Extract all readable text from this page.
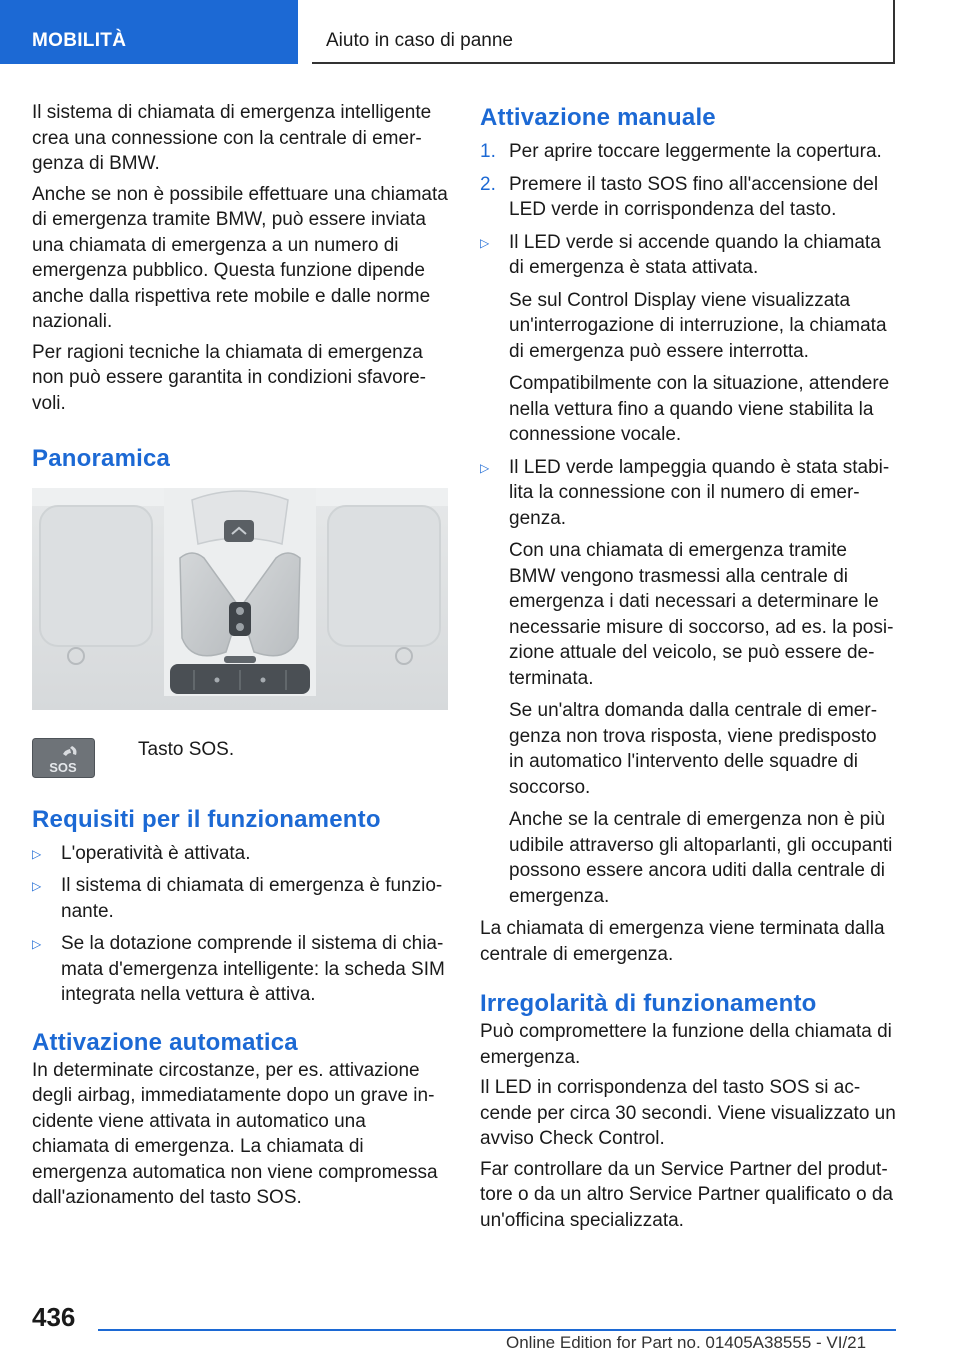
MOBILITÀ	Aiuto in caso di panne

Il sistema di chiamata di emergenza intelligente crea una connessione con la centrale di emergenza di BMW.

Anche se non è possibile effettuare una chiamata di emergenza tramite BMW, può essere inviata una chiamata di emergenza a un numero di emergenza pubblico. Questa funzione dipende anche dalla rispettiva rete mobile e dalle norme nazionali.

Per ragioni tecniche la chiamata di emergenza non può essere garantita in condizioni sfavorevoli.

Panoramica
SOS
Tasto SOS.
Requisiti per il funzionamento
▷ L'operatività è attivata.
▷ Il sistema di chiamata di emergenza è funzionante.
▷ Se la dotazione comprende il sistema di chiamata d'emergenza intelligente: la scheda SIM integrata nella vettura è attiva.
Attivazione automatica

In determinate circostanze, per es. attivazione degli airbag, immediatamente dopo un grave incidente viene attivata in automatico una chiamata di emergenza. La chiamata di emergenza automatica non viene compromessa dall'azionamento del tasto SOS.

Attivazione manuale
1. Per aprire toccare leggermente la copertura.
2. Premere il tasto SOS fino all'accensione del LED verde in corrispondenza del tasto.
▷ Il LED verde si accende quando la chiamata di emergenza è stata attivata.
Se sul Control Display viene visualizzata un'interrogazione di interruzione, la chiamata di emergenza può essere interrotta.
Compatibilmente con la situazione, attendere nella vettura fino a quando viene stabilita la connessione vocale.
▷ Il LED verde lampeggia quando è stata stabilita la connessione con il numero di emergenza.
Con una chiamata di emergenza tramite BMW vengono trasmessi alla centrale di emergenza i dati necessari a determinare le necessarie misure di soccorso, ad es. la posizione attuale del veicolo, se può essere determinata.
Se un'altra domanda dalla centrale di emergenza non trova risposta, viene predisposto in automatico l'intervento delle squadre di soccorso.
Anche se la centrale di emergenza non è più udibile attraverso gli altoparlanti, gli occupanti possono essere ancora uditi dalla centrale di emergenza.

La chiamata di emergenza viene terminata dalla centrale di emergenza.

Irregolarità di funzionamento

Può compromettere la funzione della chiamata di emergenza.

Il LED in corrispondenza del tasto SOS si accende per circa 30 secondi. Viene visualizzato un avviso Check Control.

Far controllare da un Service Partner del produttore o da un altro Service Partner qualificato o da un'officina specializzata.

436
Online Edition for Part no. 01405A38555 - VI/21
